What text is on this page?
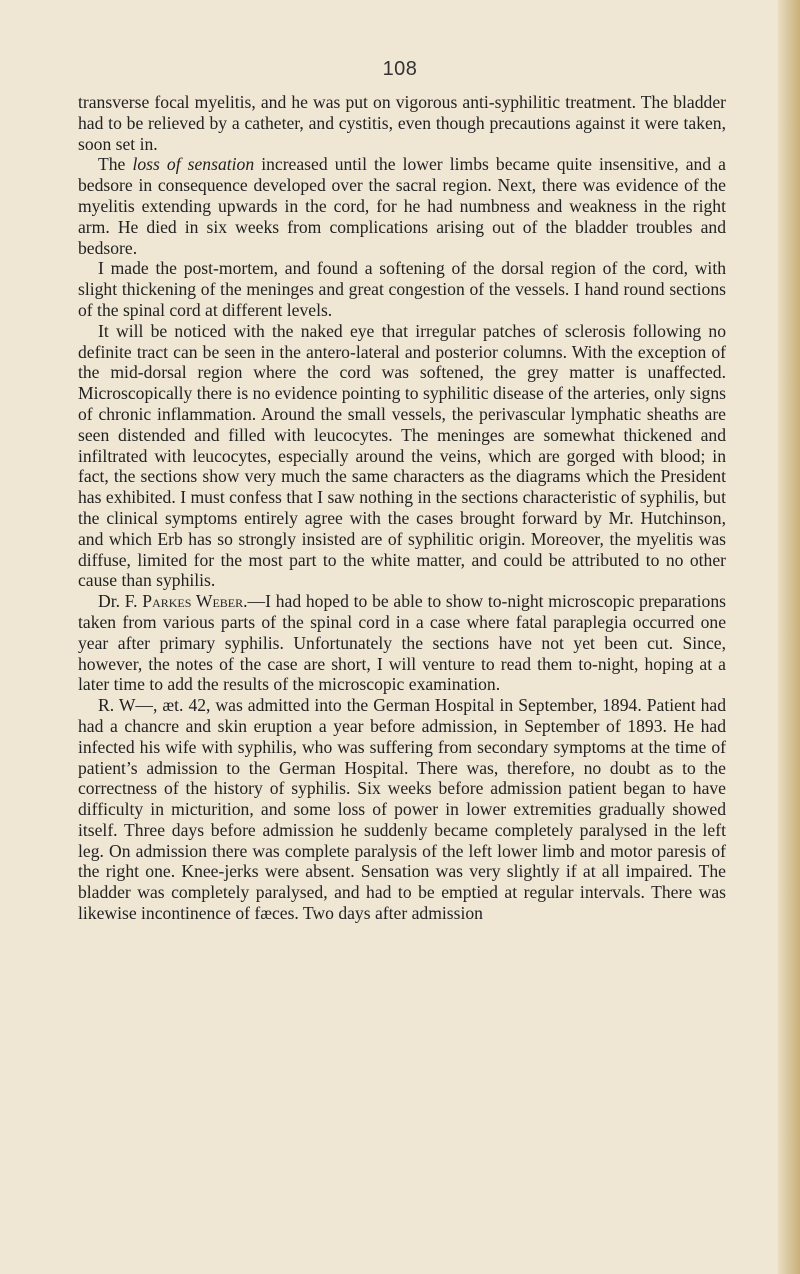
108

transverse focal myelitis, and he was put on vigorous anti-syphilitic treatment. The bladder had to be relieved by a catheter, and cystitis, even though precautions against it were taken, soon set in.

The loss of sensation increased until the lower limbs became quite insensitive, and a bedsore in consequence developed over the sacral region. Next, there was evidence of the myelitis extending upwards in the cord, for he had numbness and weakness in the right arm. He died in six weeks from complications arising out of the bladder troubles and bedsore.

I made the post-mortem, and found a softening of the dorsal region of the cord, with slight thickening of the meninges and great congestion of the vessels. I hand round sections of the spinal cord at different levels.

It will be noticed with the naked eye that irregular patches of sclerosis following no definite tract can be seen in the antero-lateral and posterior columns. With the exception of the mid-dorsal region where the cord was softened, the grey matter is unaffected. Microscopically there is no evidence pointing to syphilitic disease of the arteries, only signs of chronic inflammation. Around the small vessels, the perivascular lymphatic sheaths are seen distended and filled with leucocytes. The meninges are somewhat thickened and infiltrated with leucocytes, especially around the veins, which are gorged with blood; in fact, the sections show very much the same characters as the diagrams which the President has exhibited. I must confess that I saw nothing in the sections characteristic of syphilis, but the clinical symptoms entirely agree with the cases brought forward by Mr. Hutchinson, and which Erb has so strongly insisted are of syphilitic origin. Moreover, the myelitis was diffuse, limited for the most part to the white matter, and could be attributed to no other cause than syphilis.

Dr. F. Parkes Weber.—I had hoped to be able to show to-night microscopic preparations taken from various parts of the spinal cord in a case where fatal paraplegia occurred one year after primary syphilis. Unfortunately the sections have not yet been cut. Since, however, the notes of the case are short, I will venture to read them to-night, hoping at a later time to add the results of the microscopic examination.

R. W—, æt. 42, was admitted into the German Hospital in September, 1894. Patient had had a chancre and skin eruption a year before admission, in September of 1893. He had infected his wife with syphilis, who was suffering from secondary symptoms at the time of patient’s admission to the German Hospital. There was, therefore, no doubt as to the correctness of the history of syphilis. Six weeks before admission patient began to have difficulty in micturition, and some loss of power in lower extremities gradually showed itself. Three days before admission he suddenly became completely paralysed in the left leg. On admission there was complete paralysis of the left lower limb and motor paresis of the right one. Knee-jerks were absent. Sensation was very slightly if at all impaired. The bladder was completely paralysed, and had to be emptied at regular intervals. There was likewise incontinence of fæces. Two days after admission
